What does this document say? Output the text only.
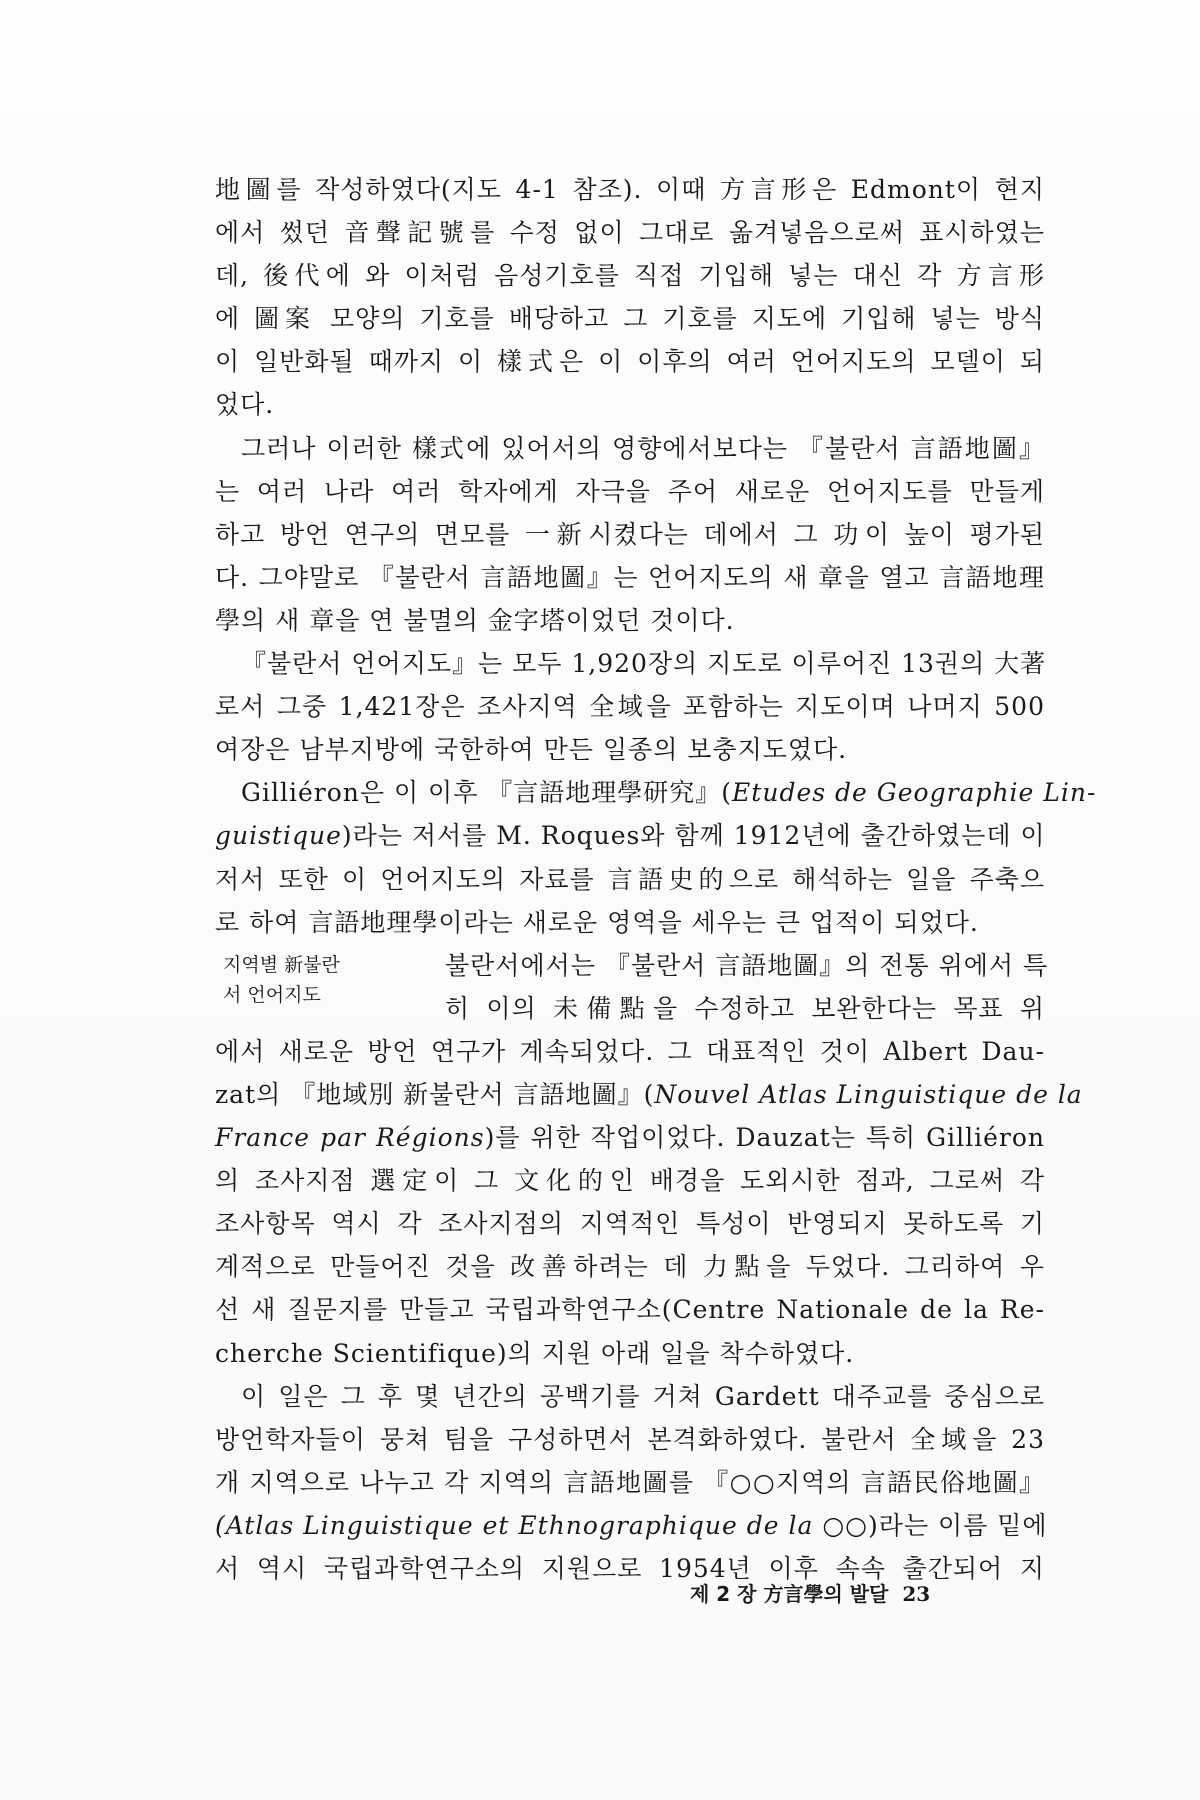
地圖를 작성하였다(지도 4-1 참조). 이때 方言形은 Edmont이 현지
에서 썼던 音聲記號를 수정 없이 그대로 옮겨넣음으로써 표시하였는
데, 後代에 와 이처럼 음성기호를 직접 기입해 넣는 대신 각 方言形
에 圖案 모양의 기호를 배당하고 그 기호를 지도에 기입해 넣는 방식
이 일반화될 때까지 이 樣式은 이 이후의 여러 언어지도의 모델이 되
었다.
그러나 이러한 樣式에 있어서의 영향에서보다는 『불란서 言語地圖』
는 여러 나라 여러 학자에게 자극을 주어 새로운 언어지도를 만들게
하고 방언 연구의 면모를 一新시켰다는 데에서 그 功이 높이 평가된
다. 그야말로 『불란서 言語地圖』는 언어지도의 새 章을 열고 言語地理
學의 새 章을 연 불멸의 金字塔이었던 것이다.
『불란서 언어지도』는 모두 1,920장의 지도로 이루어진 13권의 大著
로서 그중 1,421장은 조사지역 全域을 포함하는 지도이며 나머지 500
여장은 남부지방에 국한하여 만든 일종의 보충지도였다.
Gilliéron은 이 이후 『言語地理學研究』(Etudes de Geographie Lin-
guistique)라는 저서를 M. Roques와 함께 1912년에 출간하였는데 이
저서 또한 이 언어지도의 자료를 言語史的으로 해석하는 일을 주축으
로 하여 言語地理學이라는 새로운 영역을 세우는 큰 업적이 되었다.
지역별 新불란
서 언어지도
불란서에서는 『불란서 言語地圖』의 전통 위에서 특
히 이의 未備點을 수정하고 보완한다는 목표 위
에서 새로운 방언 연구가 계속되었다. 그 대표적인 것이 Albert Dau-
zat의 『地域別 新불란서 言語地圖』(Nouvel Atlas Linguistique de la
France par Régions)를 위한 작업이었다. Dauzat는 특히 Gilliéron
의 조사지점 選定이 그 文化的인 배경을 도외시한 점과, 그로써 각
조사항목 역시 각 조사지점의 지역적인 특성이 반영되지 못하도록 기
계적으로 만들어진 것을 改善하려는 데 力點을 두었다. 그리하여 우
선 새 질문지를 만들고 국립과학연구소(Centre Nationale de la Re-
cherche Scientifique)의 지원 아래 일을 착수하였다.
이 일은 그 후 몇 년간의 공백기를 거쳐 Gardett 대주교를 중심으로
방언학자들이 뭉쳐 팀을 구성하면서 본격화하였다. 불란서 全域을 23
개 지역으로 나누고 각 지역의 言語地圖를 『○○지역의 言語民俗地圖』
(Atlas Linguistique et Ethnographique de la ○○)라는 이름 밑에
서 역시 국립과학연구소의 지원으로 1954년 이후 속속 출간되어 지
제 2 장 方言學의 발달 23
